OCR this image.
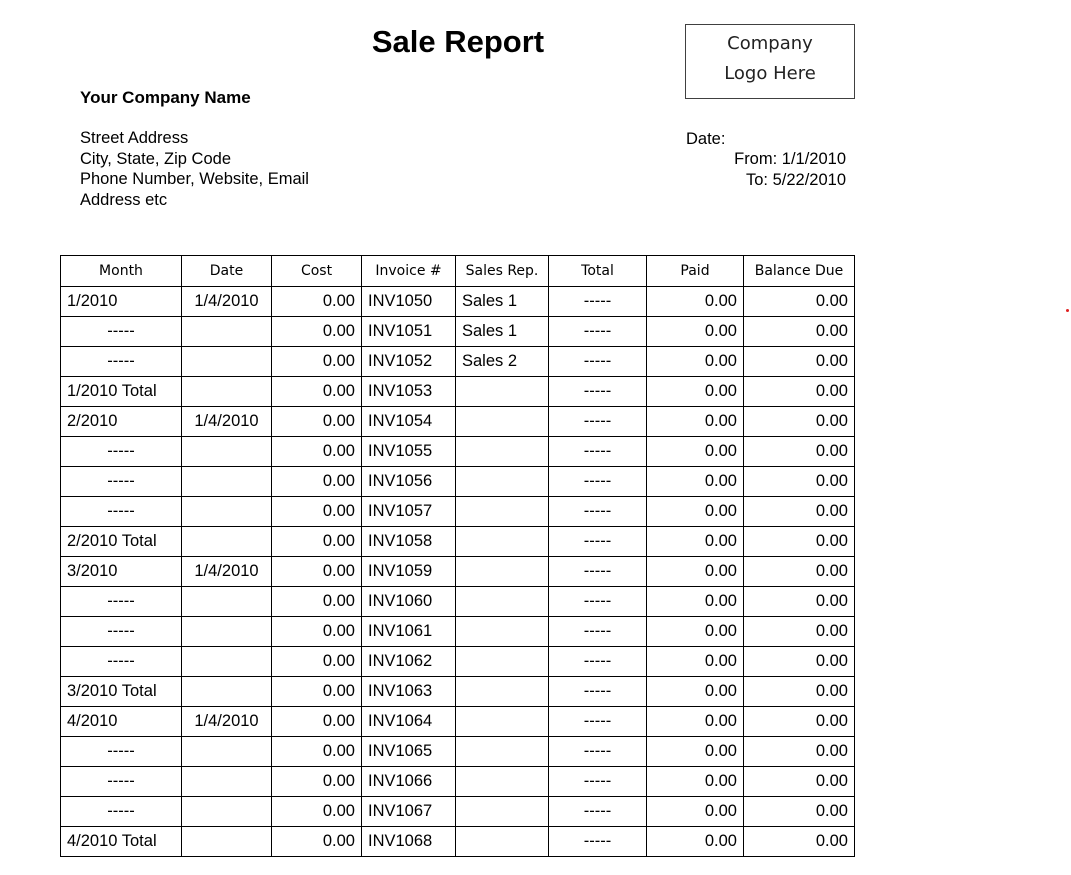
Sale Report	Company
Logo Here
Your Company Name
Street Address
City, State, Zip Code
Phone Number, Website, Email
Address etc
Date:
From: 1/1/2010
To: 5/22/2010
Month	Date	Cost	Invoice #	Sales Rep.	Total	Paid	Balance Due
1/2010	1/4/2010	0.00	INV1050	Sales 1	-----	0.00	0.00
-----		0.00	INV1051	Sales 1	-----	0.00	0.00
-----		0.00	INV1052	Sales 2	-----	0.00	0.00
1/2010 Total		0.00	INV1053		-----	0.00	0.00
2/2010	1/4/2010	0.00	INV1054		-----	0.00	0.00
-----		0.00	INV1055		-----	0.00	0.00
-----		0.00	INV1056		-----	0.00	0.00
-----		0.00	INV1057		-----	0.00	0.00
2/2010 Total		0.00	INV1058		-----	0.00	0.00
3/2010	1/4/2010	0.00	INV1059		-----	0.00	0.00
-----		0.00	INV1060		-----	0.00	0.00
-----		0.00	INV1061		-----	0.00	0.00
-----		0.00	INV1062		-----	0.00	0.00
3/2010 Total		0.00	INV1063		-----	0.00	0.00
4/2010	1/4/2010	0.00	INV1064		-----	0.00	0.00
-----		0.00	INV1065		-----	0.00	0.00
-----		0.00	INV1066		-----	0.00	0.00
-----		0.00	INV1067		-----	0.00	0.00
4/2010 Total		0.00	INV1068		-----	0.00	0.00
